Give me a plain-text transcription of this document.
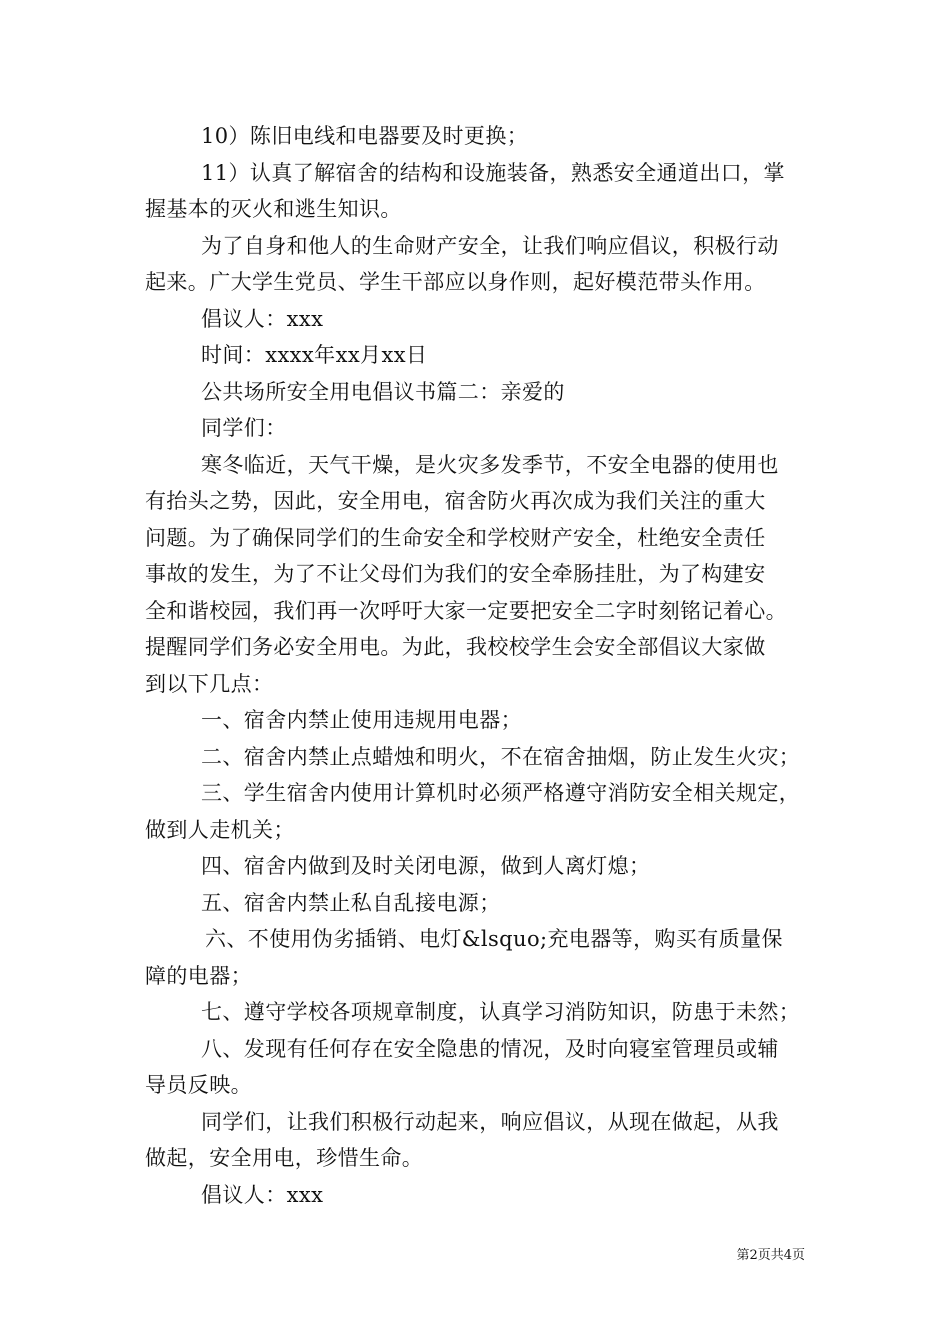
10）陈旧电线和电器要及时更换；
11）认真了解宿舍的结构和设施装备，熟悉安全通道出口，掌
握基本的灭火和逃生知识。
为了自身和他人的生命财产安全，让我们响应倡议，积极行动
起来。广大学生党员、学生干部应以身作则，起好模范带头作用。
倡议人：xxx
时间：xxxx年xx月xx日
公共场所安全用电倡议书篇二：亲爱的
同学们：
寒冬临近，天气干燥，是火灾多发季节，不安全电器的使用也
有抬头之势，因此，安全用电，宿舍防火再次成为我们关注的重大
问题。为了确保同学们的生命安全和学校财产安全，杜绝安全责任
事故的发生，为了不让父母们为我们的安全牵肠挂肚，为了构建安
全和谐校园，我们再一次呼吁大家一定要把安全二字时刻铭记着心。
提醒同学们务必安全用电。为此，我校校学生会安全部倡议大家做
到以下几点：
一、宿舍内禁止使用违规用电器；
二、宿舍内禁止点蜡烛和明火，不在宿舍抽烟，防止发生火灾；
三、学生宿舍内使用计算机时必须严格遵守消防安全相关规定，
做到人走机关；
四、宿舍内做到及时关闭电源，做到人离灯熄；
五、宿舍内禁止私自乱接电源；
六、不使用伪劣插销、电灯&lsquo;充电器等，购买有质量保
障的电器；
七、遵守学校各项规章制度，认真学习消防知识，防患于未然；
八、发现有任何存在安全隐患的情况，及时向寝室管理员或辅
导员反映。
同学们，让我们积极行动起来，响应倡议，从现在做起，从我
做起，安全用电，珍惜生命。
倡议人：xxx
第2页共4页
